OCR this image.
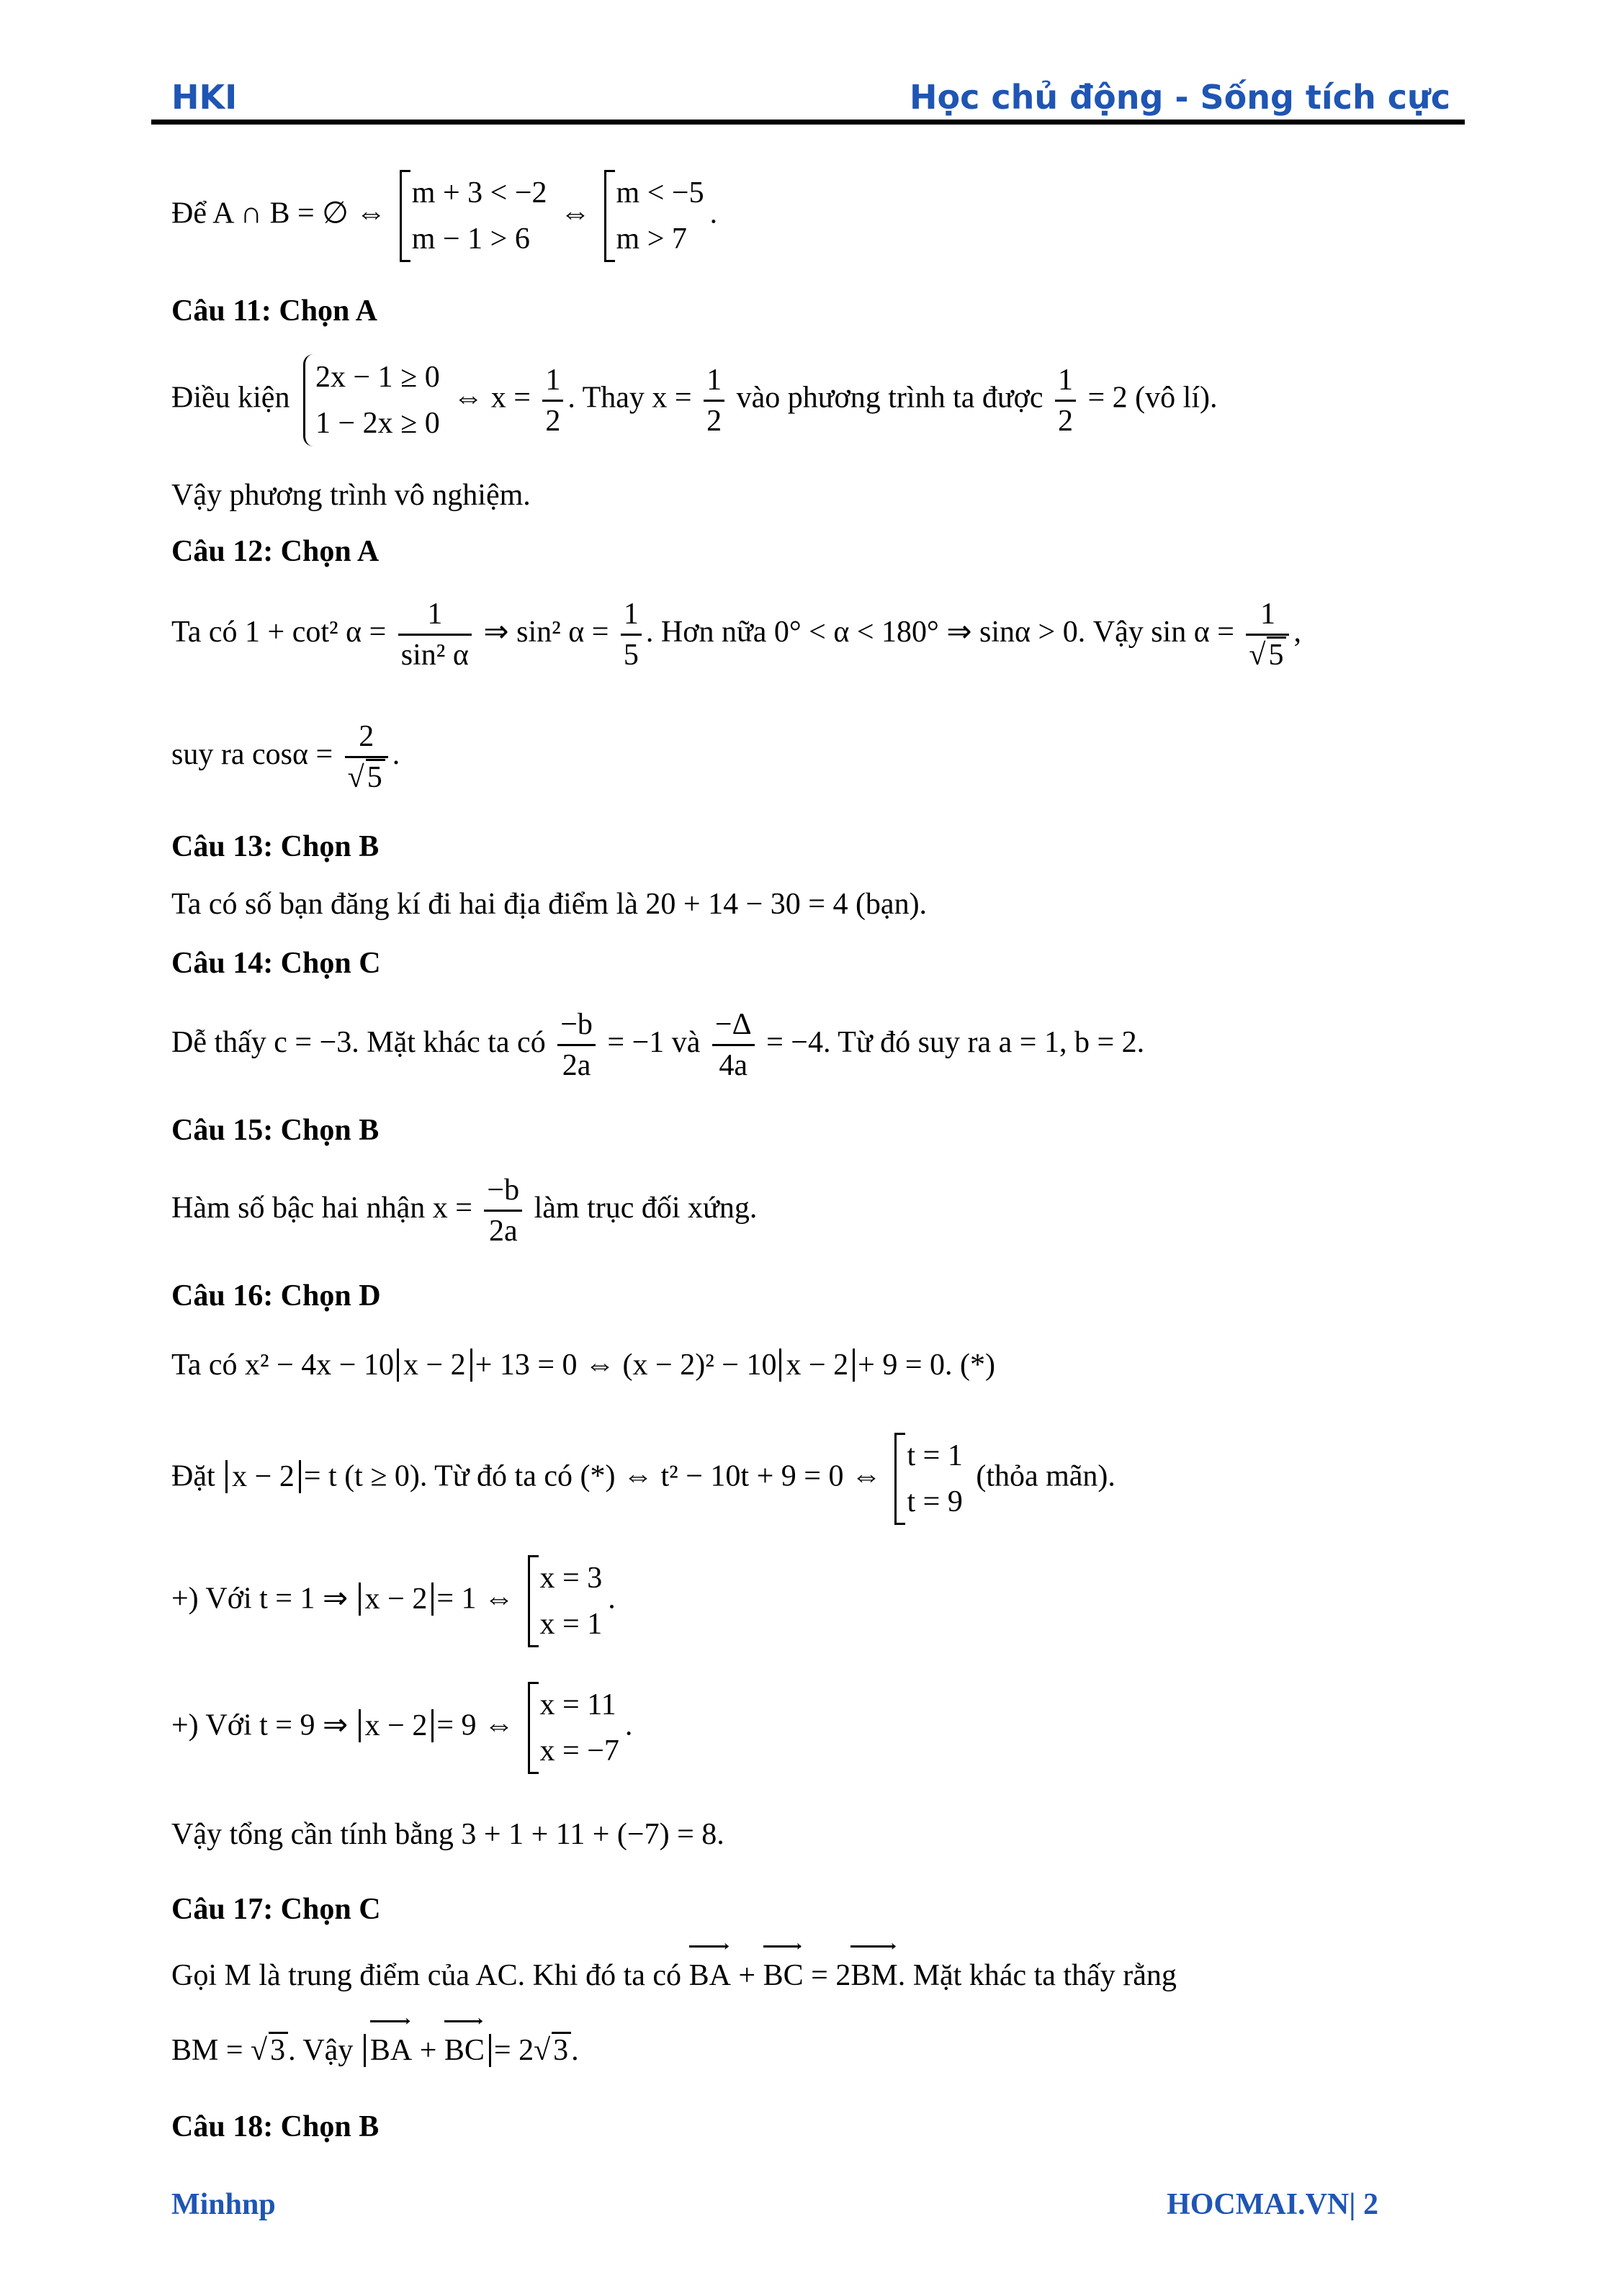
HKI	Học chủ động - Sống tích cực
Để A ∩ B = ∅ ⇔
m + 3 < −2
m − 1 > 6
⇔
m < −5
m > 7
.
Câu 11: Chọn A
Điều kiện
2x − 1 ≥ 0
1 − 2x ≥ 0
⇔ $x = \frac{1}{2}$ . Thay $x = \frac{1}{2}$ vào phương trình ta được $\frac{1}{2} = 2$ (vô lí).
Vậy phương trình vô nghiệm.
Câu 12: Chọn A
Ta có 1 + cot² $\alpha = \frac{1}{\text{sin² α}}$ ⇒ sin² $\alpha = \frac{1}{5}$ . Hơn nữa 0° < α < 180° ⇒ sinα > 0. Vậy $\sin \alpha = \frac{1}{√5}$ ,
suy ra $\cos\alpha = \frac{2}{√5}$ .
Câu 13: Chọn B
Ta có số bạn đăng kí đi hai địa điểm là 20 + 14 − 30 = 4 (bạn).
Câu 14: Chọn C
Dễ thấy c = −3. Mặt khác ta có $\frac{-b}{2a} = -1$ và $\frac{-\Delta}{4a} = -4$. Từ đó suy ra a = 1, b = 2.
Câu 15: Chọn B
Hàm số bậc hai nhận $x = \frac{-b}{2a}$ làm trục đối xứng.
Câu 16: Chọn D
Ta có x² − 4x − 10 x − 2 + 13 = 0 ⇔ (x − 2)² − 10 x − 2 + 9 = 0. (*)
Đặt x − 2 = t (t ≥ 0). Từ đó ta có (*) ⇔ t² − 10t + 9 = 0 ⇔
t = 1
t = 9
(thỏa mãn).
+) Với t = 1 ⇒ x − 2 = 1 ⇔
x = 3
x = 1
.
+) Với t = 9 ⇒ x − 2 = 9 ⇔
x = 11
x = −7
.
Vậy tổng cần tính bằng 3 + 1 + 11 + (−7) = 8.
Câu 17: Chọn C
Gọi M là trung điểm của AC. Khi đó ta có → BA + → BC = 2→ BM. Mặt khác ta thấy rằng
BM = √3. Vậy → BA + → BC = 2√3.
Câu 18: Chọn B
Minhnp	HOCMAI.VN| 2
